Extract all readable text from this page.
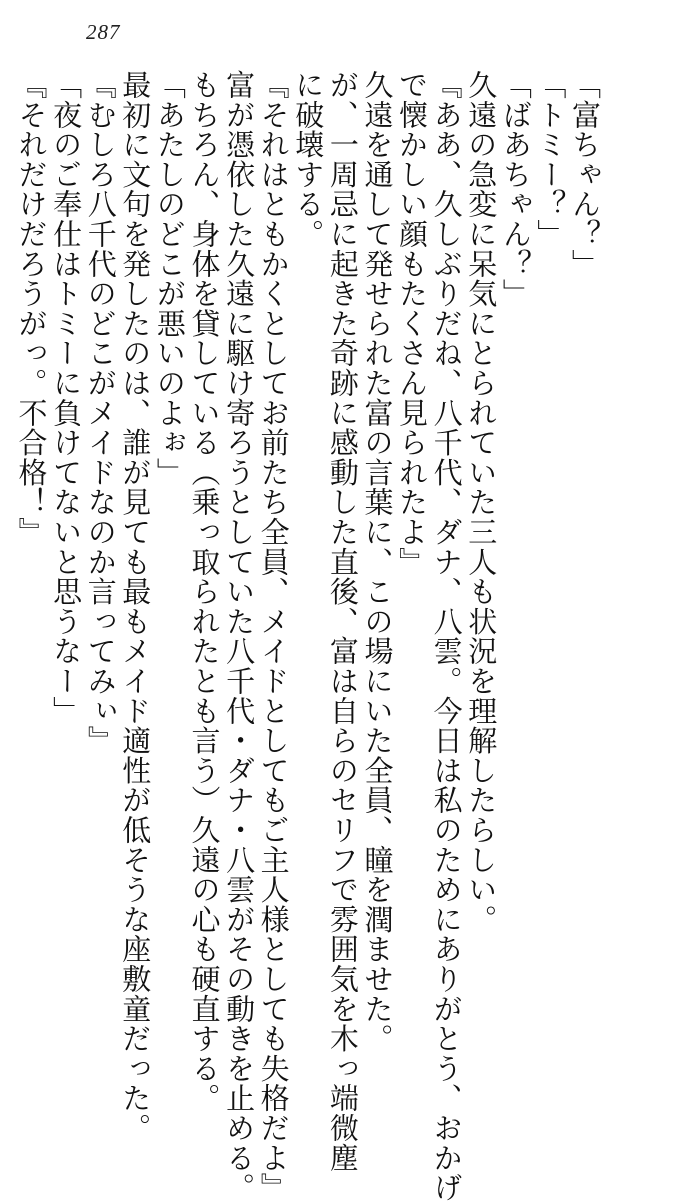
287
「富ちゃん？」
「トミー？」
「ばあちゃん？」
久遠の急変に呆気にとられていた三人も状況を理解したらしい。
『ああ、久しぶりだね、八千代、ダナ、八雲。今日は私のためにありがとう、おかげ
で懐かしい顔もたくさん見られたよ』
久遠を通して発せられた富の言葉に、この場にいた全員、瞳を潤ませた。
が、一周忌に起きた奇跡に感動した直後、富は自らのセリフで雰囲気を木っ端微塵
に破壊する。
『それはともかくとしてお前たち全員、メイドとしてもご主人様としても失格だよ』
富が憑依した久遠に駆け寄ろうとしていた八千代・ダナ・八雲がその動きを止める。
もちろん、身体を貸している（乗っ取られたとも言う）久遠の心も硬直する。
「あたしのどこが悪いのよぉ」
最初に文句を発したのは、誰が見ても最もメイド適性が低そうな座敷童だった。
『むしろ八千代のどこがメイドなのか言ってみぃ』
「夜のご奉仕はトミーに負けてないと思うなー」
『それだけだろうがっ。不合格！』
